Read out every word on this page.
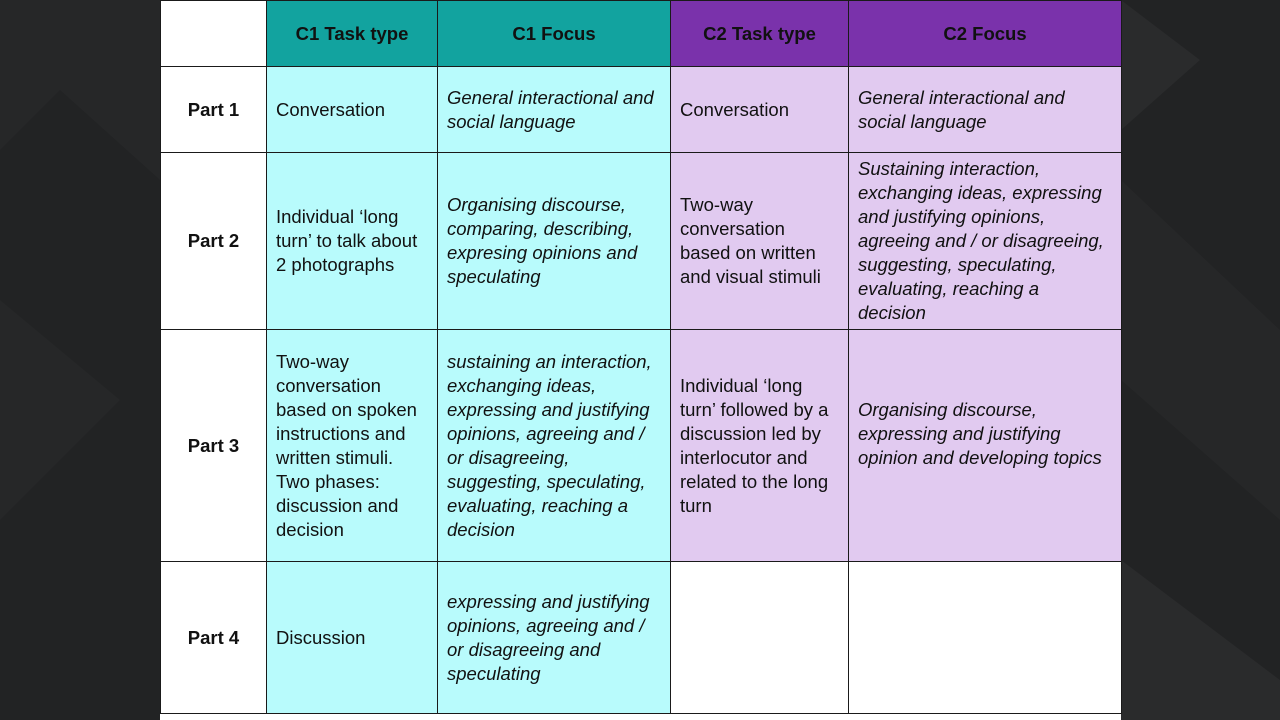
	C1 Task type	C1 Focus	C2 Task type	C2 Focus
Part 1	Conversation	General interactional and social language	Conversation	General interactional and social language
Part 2	Individual ‘long turn’ to talk about 2 photographs	Organising discourse, comparing, describing, expresing opinions and speculating	Two-way conversation based on written and visual stimuli	Sustaining interaction, exchanging ideas, expressing and justifying opinions, agreeing and / or disagreeing, suggesting, speculating, evaluating, reaching a decision
Part 3	Two-way conversation based on spoken instructions and written stimuli. Two phases: discussion and decision	sustaining an interaction, exchanging ideas, expressing and justifying opinions, agreeing and / or disagreeing, suggesting, speculating, evaluating, reaching a decision	Individual ‘long turn’ followed by a discussion led by interlocutor and related to the long turn	Organising discourse, expressing and justifying opinion and developing topics
Part 4	Discussion	expressing and justifying opinions, agreeing and / or disagreeing and speculating		
